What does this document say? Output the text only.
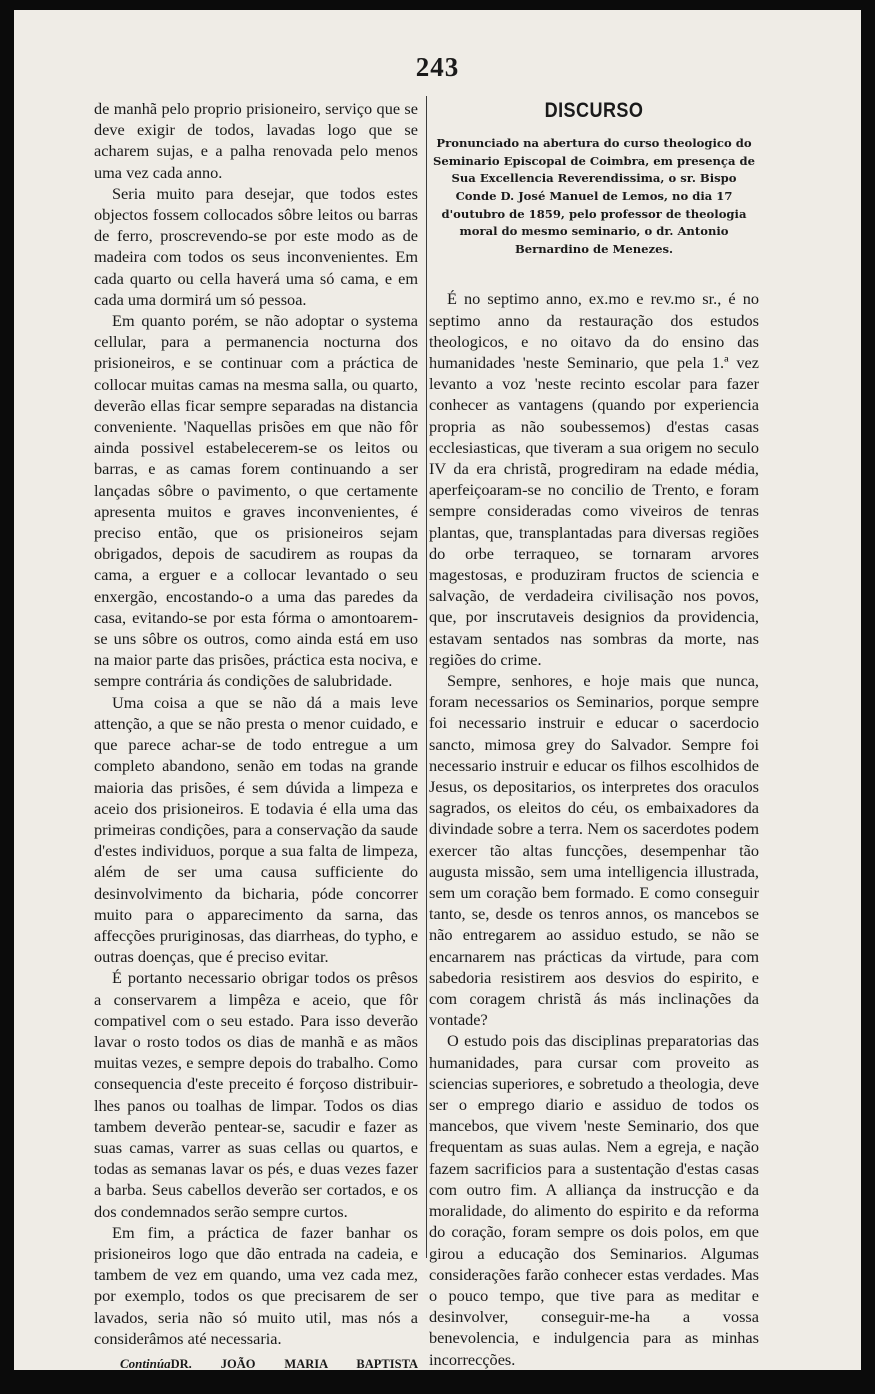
243

de manhã pelo proprio prisioneiro, serviço que se deve exigir de todos, lavadas logo que se acharem sujas, e a palha renovada pelo menos uma vez cada anno.

Seria muito para desejar, que todos estes objectos fossem collocados sôbre leitos ou barras de ferro, proscrevendo-se por este modo as de madeira com todos os seus inconvenientes. Em cada quarto ou cella haverá uma só cama, e em cada uma dormirá um só pessoa.

Em quanto porém, se não adoptar o systema cellular, para a permanencia nocturna dos prisioneiros, e se continuar com a práctica de collocar muitas camas na mesma salla, ou quarto, deverão ellas ficar sempre separadas na distancia conveniente. 'Naquellas prisões em que não fôr ainda possivel estabelecerem-se os leitos ou barras, e as camas forem continuando a ser lançadas sôbre o pavimento, o que certamente apresenta muitos e graves inconvenientes, é preciso então, que os prisioneiros sejam obrigados, depois de sacudirem as roupas da cama, a erguer e a collocar levantado o seu enxergão, encostando-o a uma das paredes da casa, evitando-se por esta fórma o amontoarem-se uns sôbre os outros, como ainda está em uso na maior parte das prisões, práctica esta nociva, e sempre contrária ás condições de salubridade.

Uma coisa a que se não dá a mais leve attenção, a que se não presta o menor cuidado, e que parece achar-se de todo entregue a um completo abandono, senão em todas na grande maioria das prisões, é sem dúvida a limpeza e aceio dos prisioneiros. E todavia é ella uma das primeiras condições, para a conservação da saude d'estes individuos, porque a sua falta de limpeza, além de ser uma causa sufficiente do desinvolvimento da bicharia, póde concorrer muito para o apparecimento da sarna, das affecções pruriginosas, das diarrheas, do typho, e outras doenças, que é preciso evitar.

É portanto necessario obrigar todos os prêsos a conservarem a limpêza e aceio, que fôr compativel com o seu estado. Para isso deverão lavar o rosto todos os dias de manhã e as mãos muitas vezes, e sempre depois do trabalho. Como consequencia d'este preceito é forçoso distribuir-lhes panos ou toalhas de limpar. Todos os dias tambem deverão pentear-se, sacudir e fazer as suas camas, varrer as suas cellas ou quartos, e todas as semanas lavar os pés, e duas vezes fazer a barba. Seus cabellos deverão ser cortados, e os dos condemnados serão sempre curtos.

Em fim, a práctica de fazer banhar os prisioneiros logo que dão entrada na cadeia, e tambem de vez em quando, uma vez cada mez, por exemplo, todos os que precisarem de ser lavados, seria não só muito util, mas nós a considerâmos até necessaria.

Continúa DR. JOÃO MARIA BAPTISTA CALLISTO.
DISCURSO
Pronunciado na abertura do curso theologico do Seminario Episcopal de Coimbra, em presença de Sua Excellencia Reverendissima, o sr. Bispo Conde D. José Manuel de Lemos, no dia 17 d'outubro de 1859, pelo professor de theologia moral do mesmo seminario, o dr. Antonio Bernardino de Menezes.

É no septimo anno, ex.mo e rev.mo sr., é no septimo anno da restauração dos estudos theologicos, e no oitavo da do ensino das humanidades 'neste Seminario, que pela 1.ª vez levanto a voz 'neste recinto escolar para fazer conhecer as vantagens (quando por experiencia propria as não soubessemos) d'estas casas ecclesiasticas, que tiveram a sua origem no seculo IV da era christã, progrediram na edade média, aperfeiçoaram-se no concilio de Trento, e foram sempre consideradas como viveiros de tenras plantas, que, transplantadas para diversas regiões do orbe terraqueo, se tornaram arvores magestosas, e produziram fructos de sciencia e salvação, de verdadeira civilisação nos povos, que, por inscrutaveis designios da providencia, estavam sentados nas sombras da morte, nas regiões do crime.

Sempre, senhores, e hoje mais que nunca, foram necessarios os Seminarios, porque sempre foi necessario instruir e educar o sacerdocio sancto, mimosa grey do Salvador. Sempre foi necessario instruir e educar os filhos escolhidos de Jesus, os depositarios, os interpretes dos oraculos sagrados, os eleitos do céu, os embaixadores da divindade sobre a terra. Nem os sacerdotes podem exercer tão altas funcções, desempenhar tão augusta missão, sem uma intelligencia illustrada, sem um coração bem formado. E como conseguir tanto, se, desde os tenros annos, os mancebos se não entregarem ao assiduo estudo, se não se encarnarem nas prácticas da virtude, para com sabedoria resistirem aos desvios do espirito, e com coragem christã ás más inclinações da vontade?

O estudo pois das disciplinas preparatorias das humanidades, para cursar com proveito as sciencias superiores, e sobretudo a theologia, deve ser o emprego diario e assiduo de todos os mancebos, que vivem 'neste Seminario, dos que frequentam as suas aulas. Nem a egreja, e nação fazem sacrificios para a sustentação d'estas casas com outro fim. A alliança da instrucção e da moralidade, do alimento do espirito e da reforma do coração, foram sempre os dois polos, em que girou a educação dos Seminarios. Algumas considerações farão conhecer estas verdades. Mas o pouco tempo, que tive para as meditar e desinvolver, conseguir-me-ha a vossa benevolencia, e indulgencia para as minhas incorrecções.
